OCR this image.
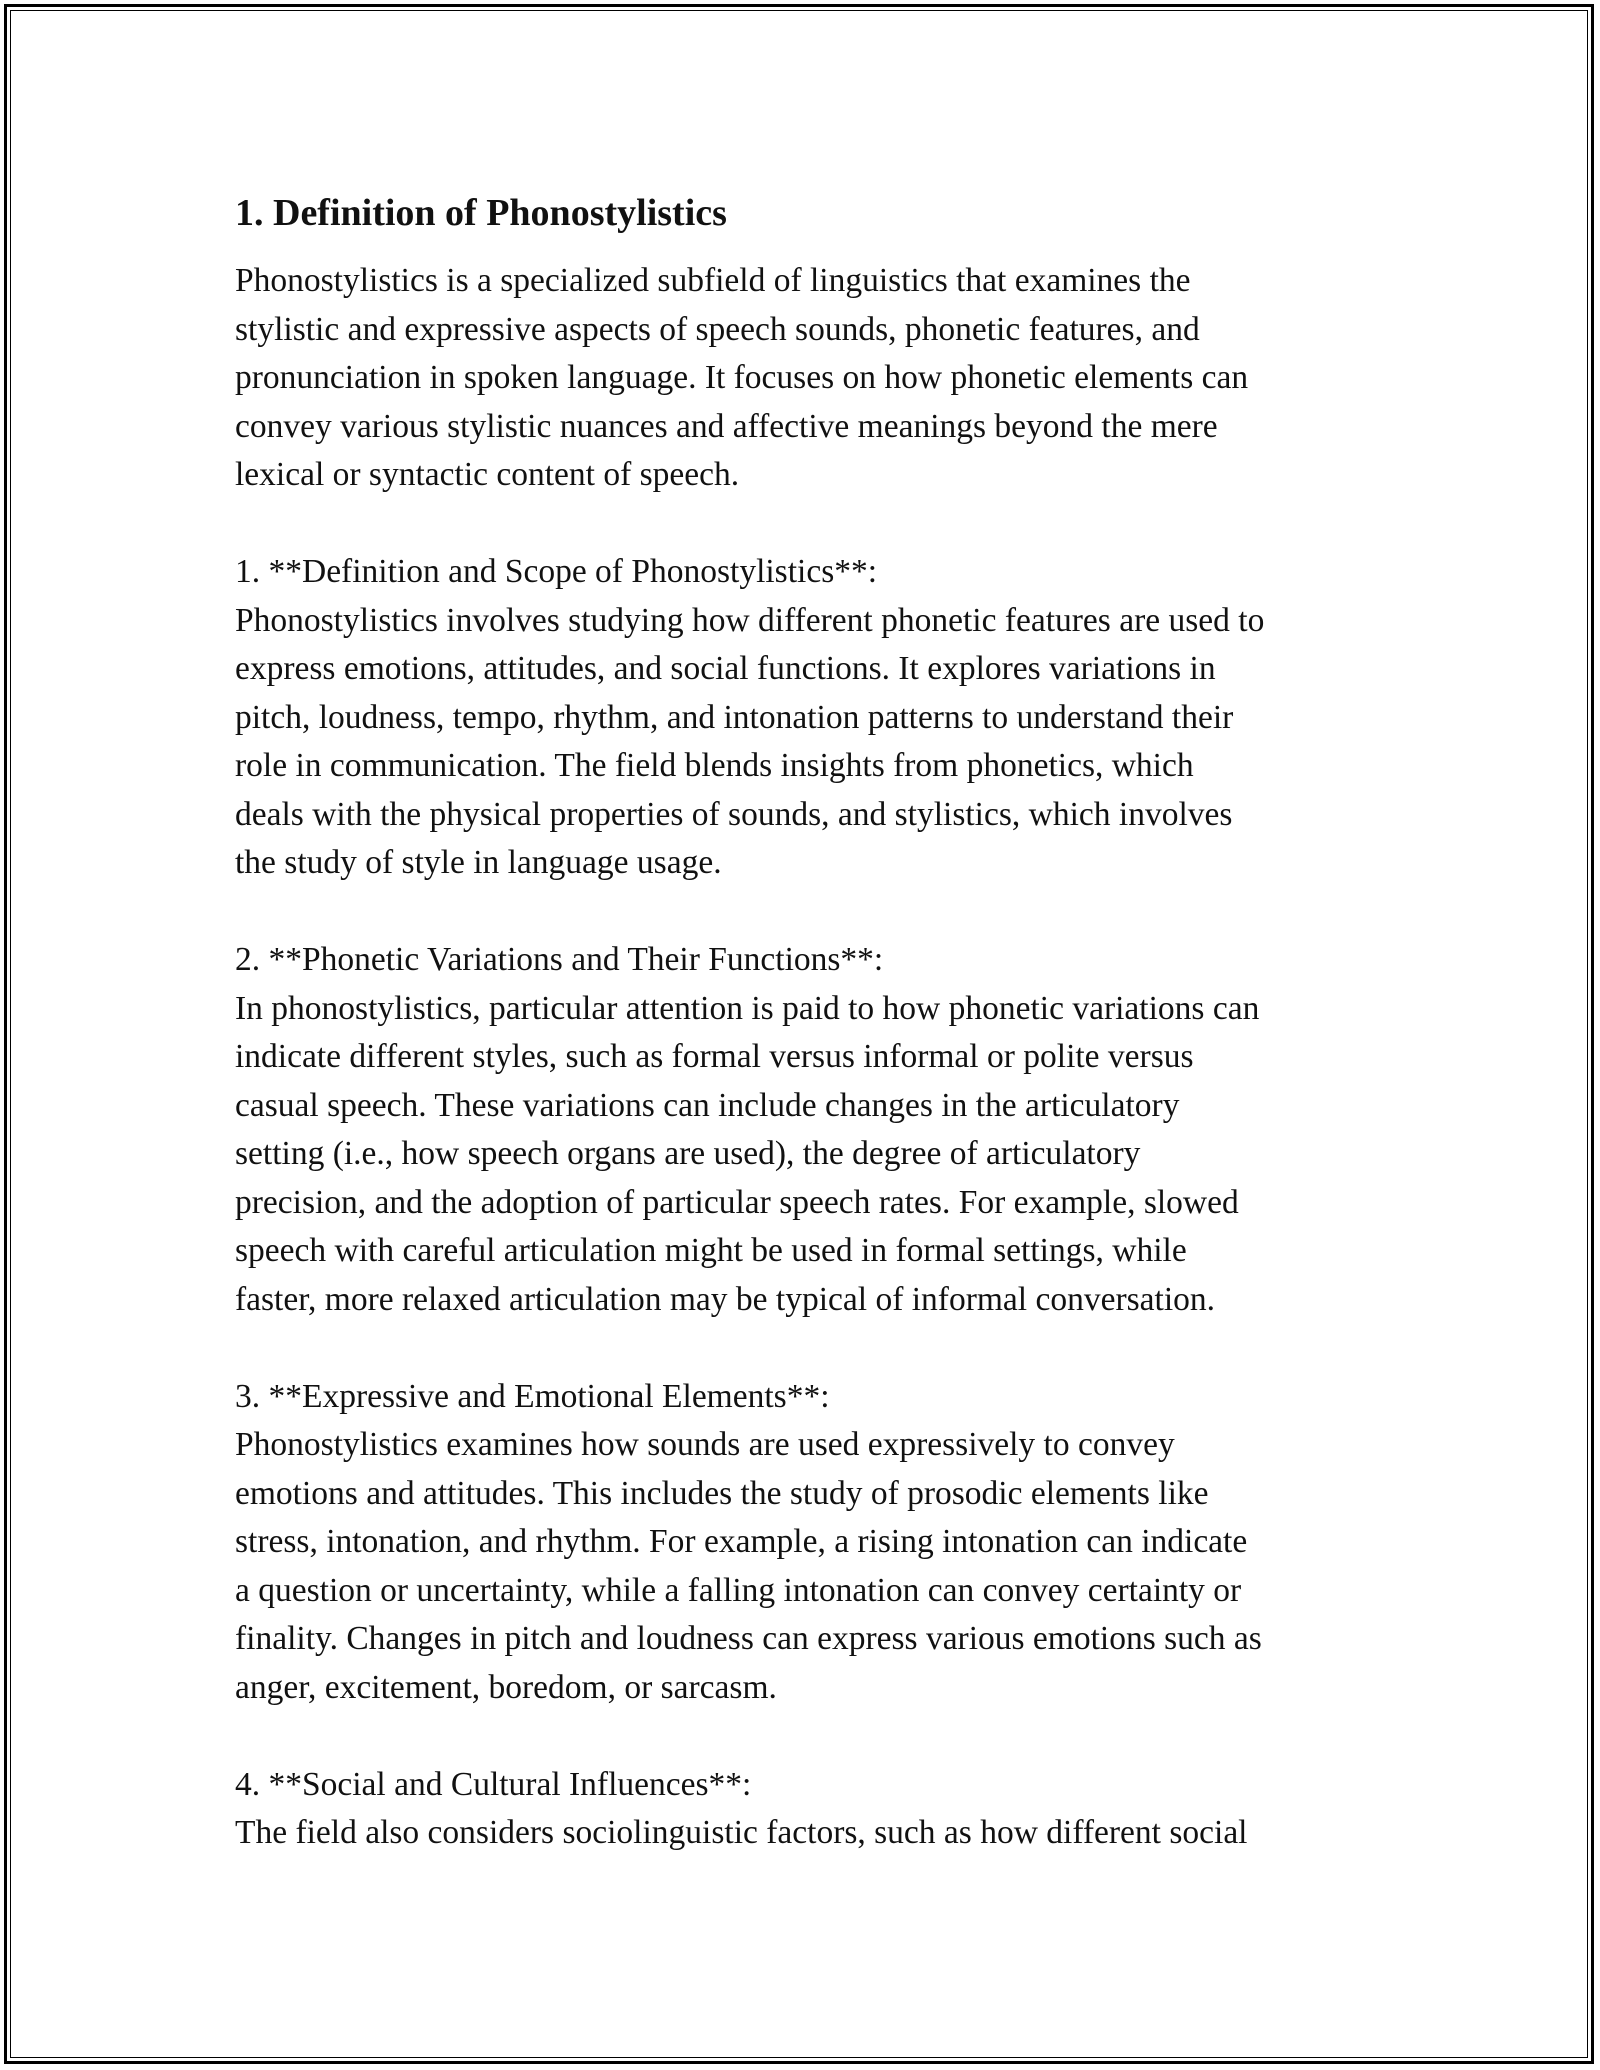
1. Definition of Phonostylistics

Phonostylistics is a specialized subfield of linguistics that examines the
stylistic and expressive aspects of speech sounds, phonetic features, and
pronunciation in spoken language. It focuses on how phonetic elements can
convey various stylistic nuances and affective meanings beyond the mere
lexical or syntactic content of speech.

1. **Definition and Scope of Phonostylistics**:

Phonostylistics involves studying how different phonetic features are used to
express emotions, attitudes, and social functions. It explores variations in
pitch, loudness, tempo, rhythm, and intonation patterns to understand their
role in communication. The field blends insights from phonetics, which
deals with the physical properties of sounds, and stylistics, which involves
the study of style in language usage.

2. **Phonetic Variations and Their Functions**:

In phonostylistics, particular attention is paid to how phonetic variations can
indicate different styles, such as formal versus informal or polite versus
casual speech. These variations can include changes in the articulatory
setting (i.e., how speech organs are used), the degree of articulatory
precision, and the adoption of particular speech rates. For example, slowed
speech with careful articulation might be used in formal settings, while
faster, more relaxed articulation may be typical of informal conversation.

3. **Expressive and Emotional Elements**:

Phonostylistics examines how sounds are used expressively to convey
emotions and attitudes. This includes the study of prosodic elements like
stress, intonation, and rhythm. For example, a rising intonation can indicate
a question or uncertainty, while a falling intonation can convey certainty or
finality. Changes in pitch and loudness can express various emotions such as
anger, excitement, boredom, or sarcasm.

4. **Social and Cultural Influences**:

The field also considers sociolinguistic factors, such as how different social
